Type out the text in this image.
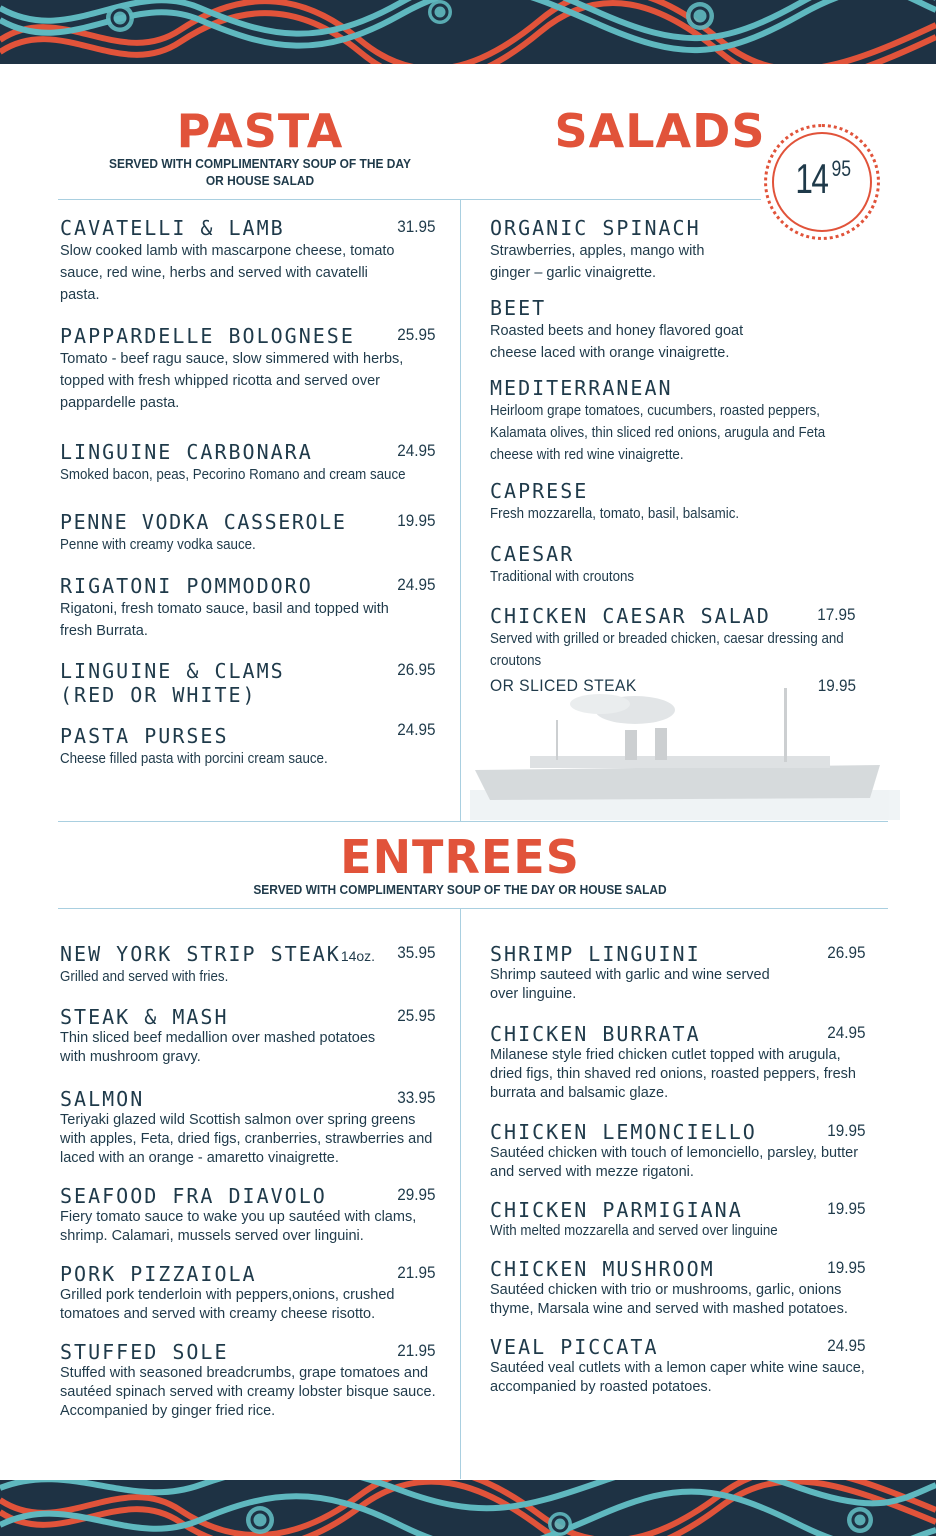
PASTA
SERVED WITH COMPLIMENTARY SOUP OF THE DAY
OR HOUSE SALAD
SALADS
14 95
CAVATELLI & LAMB	31.95
Slow cooked lamb with mascarpone cheese, tomato sauce, red wine, herbs and served with cavatelli pasta.
PAPPARDELLE BOLOGNESE	25.95
Tomato - beef ragu sauce, slow simmered with herbs, topped with fresh whipped ricotta and served over pappardelle pasta.
LINGUINE CARBONARA	24.95
Smoked bacon, peas, Pecorino Romano and cream sauce
PENNE VODKA CASSEROLE	19.95
Penne with creamy vodka sauce.
RIGATONI POMMODORO	24.95
Rigatoni, fresh tomato sauce, basil and topped with fresh Burrata.
LINGUINE & CLAMS
(RED OR WHITE)
26.95
PASTA PURSES	24.95
Cheese filled pasta with porcini cream sauce.
ORGANIC SPINACH
Strawberries, apples, mango with ginger – garlic vinaigrette.
BEET
Roasted beets and honey flavored goat cheese laced with orange vinaigrette.
MEDITERRANEAN
Heirloom grape tomatoes, cucumbers, roasted peppers, Kalamata olives, thin sliced red onions, arugula and Feta cheese with red wine vinaigrette.
CAPRESE
Fresh mozzarella, tomato, basil, balsamic.
CAESAR
Traditional with croutons
CHICKEN CAESAR SALAD	17.95
Served with grilled or breaded chicken, caesar dressing and croutons
OR SLICED STEAK	19.95
ENTREES
SERVED WITH COMPLIMENTARY SOUP OF THE DAY OR HOUSE SALAD
NEW YORK STRIP STEAK14oz.	35.95
Grilled and served with fries.
STEAK & MASH	25.95
Thin sliced beef medallion over mashed potatoes with mushroom gravy.
SALMON	33.95
Teriyaki glazed wild Scottish salmon over spring greens with apples, Feta, dried figs, cranberries, strawberries and laced with an orange - amaretto vinaigrette.
SEAFOOD FRA DIAVOLO	29.95
Fiery tomato sauce to wake you up sautéed with clams, shrimp. Calamari, mussels served over linguini.
PORK PIZZAIOLA	21.95
Grilled pork tenderloin with peppers,onions, crushed tomatoes and served with creamy cheese risotto.
STUFFED SOLE	21.95
Stuffed with seasoned breadcrumbs, grape tomatoes and sautéed spinach served with creamy lobster bisque sauce. Accompanied by ginger fried rice.
SHRIMP LINGUINI	26.95
Shrimp sauteed with garlic and wine served over linguine.
CHICKEN BURRATA	24.95
Milanese style fried chicken cutlet topped with arugula, dried figs, thin shaved red onions, roasted peppers, fresh burrata and balsamic glaze.
CHICKEN LEMONCIELLO	19.95
Sautéed chicken with touch of lemonciello, parsley, butter and served with mezze rigatoni.
CHICKEN PARMIGIANA	19.95
With melted mozzarella and served over linguine
CHICKEN MUSHROOM	19.95
Sautéed chicken with trio or mushrooms, garlic, onions thyme, Marsala wine and served with mashed potatoes.
VEAL PICCATA	24.95
Sautéed veal cutlets with a lemon caper white wine sauce, accompanied by roasted potatoes.
